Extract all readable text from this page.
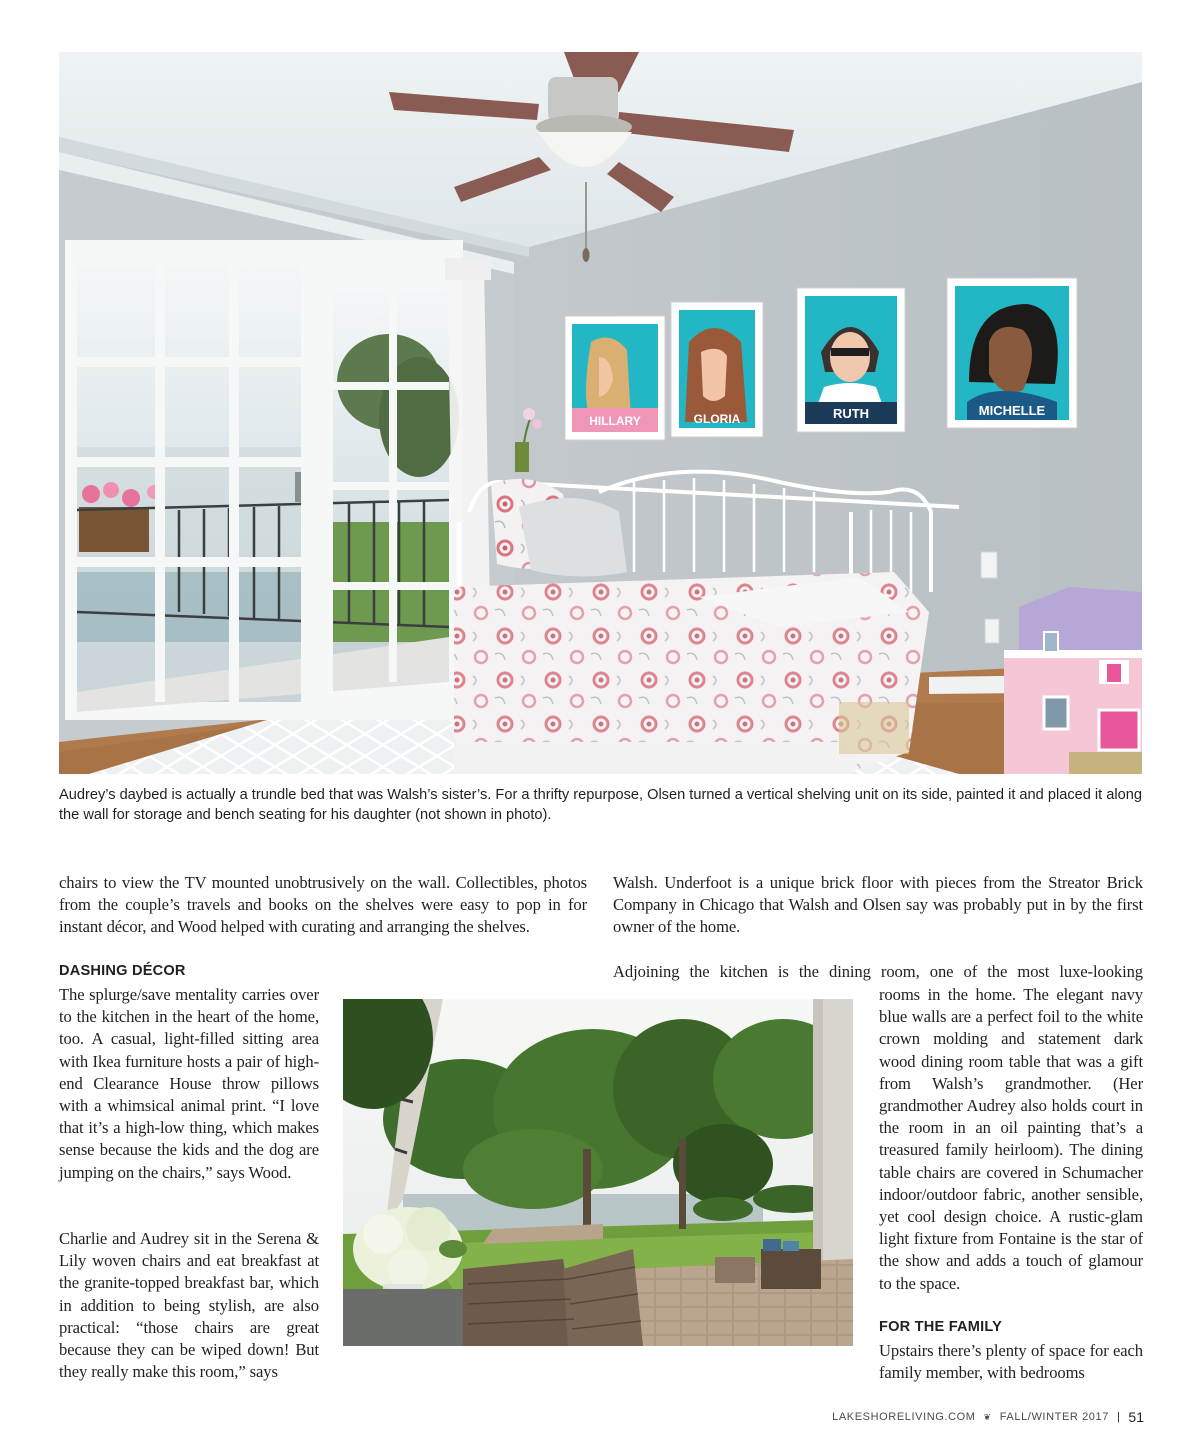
HILLARY	GLORIA	RUTH	MICHELLE

Audrey’s daybed is actually a trundle bed that was Walsh’s sister’s. For a thrifty repurpose, Olsen turned a vertical shelving unit on its side, painted it and placed it along the wall for storage and bench seating for his daughter (not shown in photo).

chairs to view the TV mounted unobtrusively on the wall. Collectibles, photos from the couple’s travels and books on the shelves were easy to pop in for instant décor, and Wood helped with curating and arranging the shelves.

Walsh. Underfoot is a unique brick floor with pieces from the Streator Brick Company in Chicago that Walsh and Olsen say was probably put in by the first owner of the home.

DASHING DÉCOR

The splurge/save mentality carries over to the kitchen in the heart of the home, too. A casual, light-filled sitting area with Ikea furniture hosts a pair of high-end Clearance House throw pillows with a whimsical animal print. “I love that it’s a high-low thing, which makes sense because the kids and the dog are jumping on the chairs,” says Wood.

Charlie and Audrey sit in the Serena & Lily woven chairs and eat breakfast at the granite-topped breakfast bar, which in addition to being stylish, are also practical: “those chairs are great because they can be wiped down! But they really make this room,” says

Adjoining the kitchen is the dining room, one of the most luxe-looking

rooms in the home. The elegant navy blue walls are a perfect foil to the white crown molding and statement dark wood dining room table that was a gift from Walsh’s grandmother. (Her grandmother Audrey also holds court in the room in an oil painting that’s a treasured family heirloom). The dining table chairs are covered in Schumacher indoor/outdoor fabric, another sensible, yet cool design choice. A rustic-glam light fixture from Fontaine is the star of the show and adds a touch of glamour to the space.

FOR THE FAMILY

Upstairs there’s plenty of space for each family member, with bedrooms

LAKESHORELIVING.COM ❦ FALL/WINTER 2017 | 51
